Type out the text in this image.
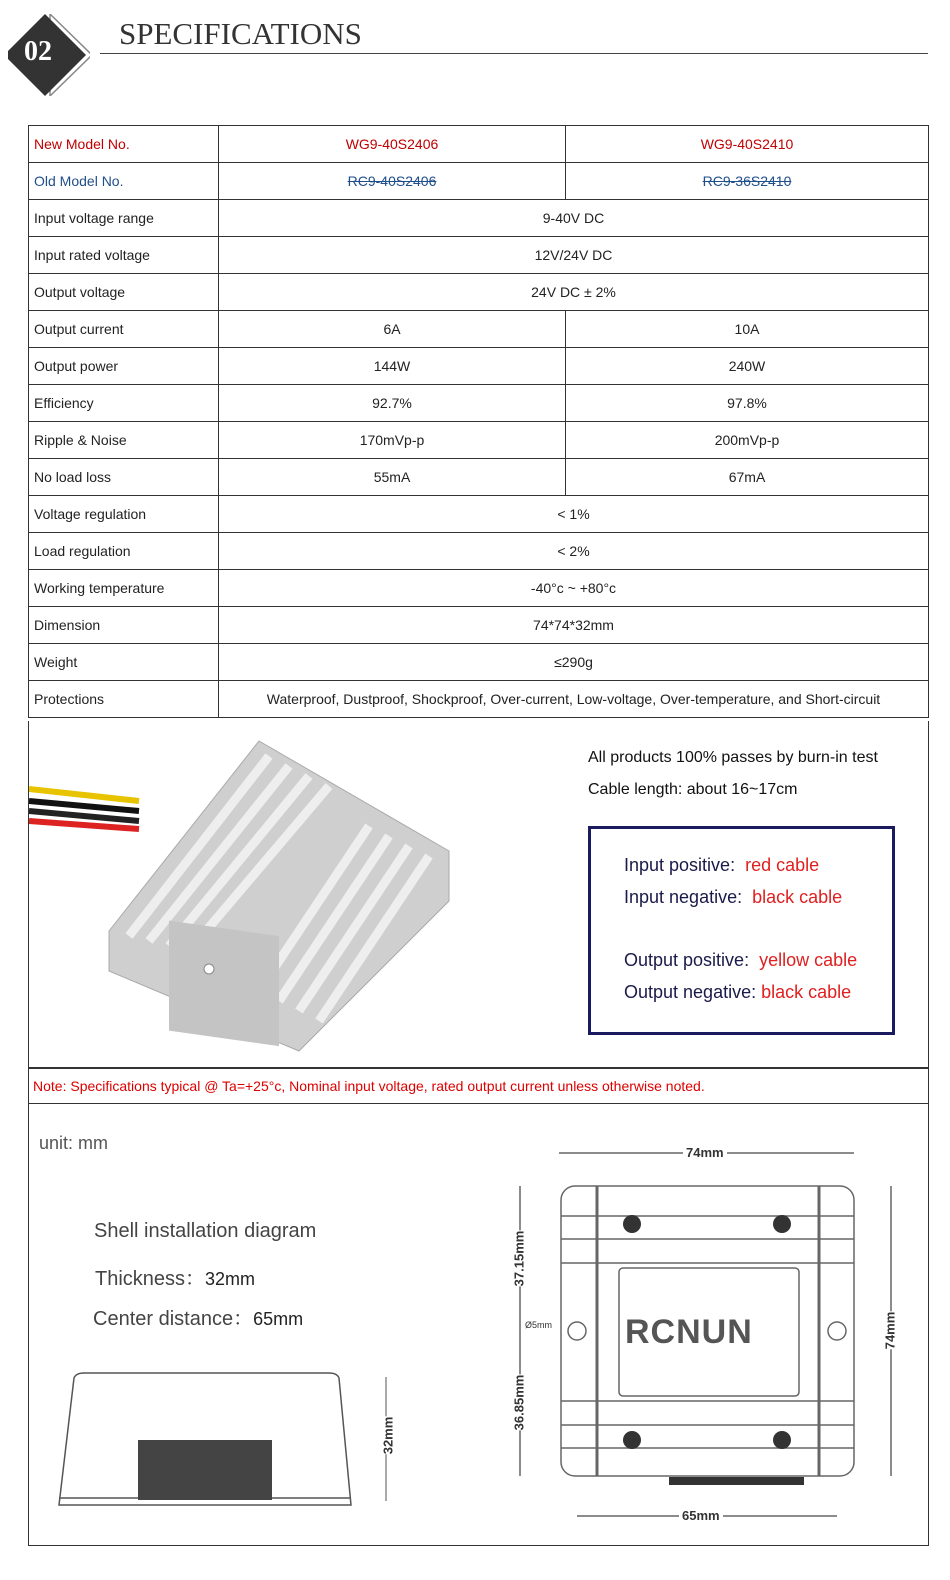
02
SPECIFICATIONS
New Model No.	WG9-40S2406	WG9-40S2410
Old Model No.	RC9-40S2406	RC9-36S2410
Input voltage range	9-40V DC	
Input rated voltage	12V/24V DC	
Output voltage	24V DC ± 2%	
Output current	6A	10A
Output power	144W	240W
Efficiency	92.7%	97.8%
Ripple & Noise	170mVp-p	200mVp-p
No load loss	55mA	67mA
Voltage regulation	< 1%	
Load regulation	< 2%	
Working temperature	-40°c ~ +80°c	
Dimension	74*74*32mm	
Weight	≤290g	
Protections	Waterproof, Dustproof, Shockproof, Over-current, Low-voltage, Over-temperature, and Short-circuit	
All products 100% passes by burn-in test
Cable length: about 16~17cm
Input positive: red cable
Input negative: black cable
Output positive: yellow cable
Output negative: black cable
Note: Specifications typical @ Ta=+25°c, Nominal input voltage, rated output current unless otherwise noted.
unit: mm
Shell installation diagram
Thickness：32mm
Center distance：65mm	RCNUN
74mm
65mm
74mm
37.15mm
36.85mm
Ø5mm
32mm
